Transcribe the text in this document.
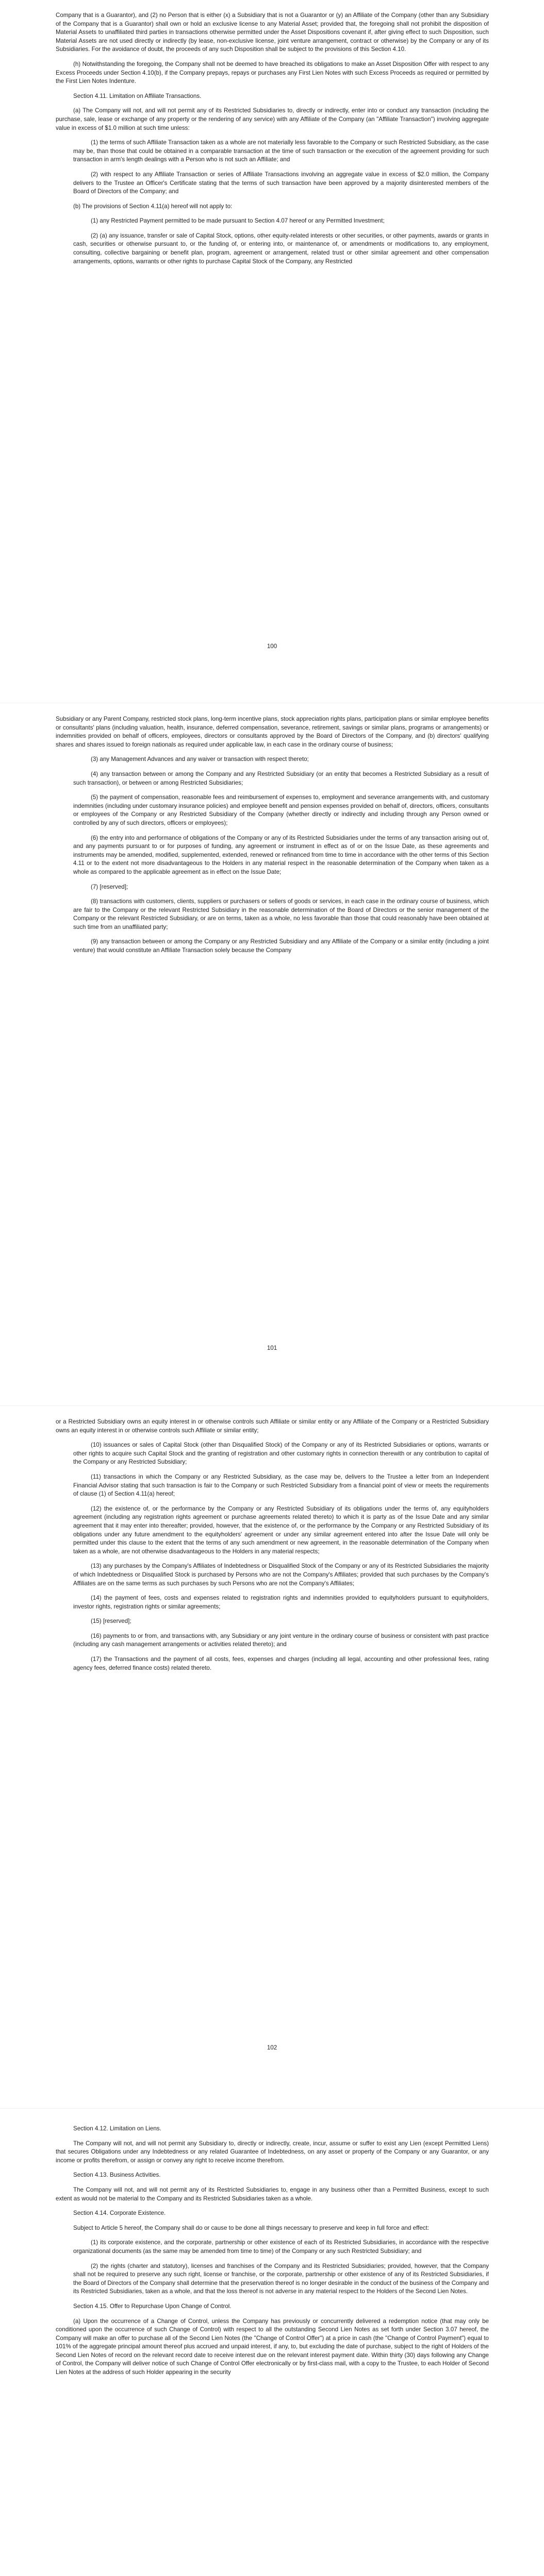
Company that is a Guarantor), and (2) no Person that is either (x) a Subsidiary that is not a Guarantor or (y) an Affiliate of the Company (other than any Subsidiary of the Company that is a Guarantor) shall own or hold an exclusive license to any Material Asset; provided that, the foregoing shall not prohibit the disposition of Material Assets to unaffiliated third parties in transactions otherwise permitted under the Asset Dispositions covenant if, after giving effect to such Disposition, such Material Assets are not used directly or indirectly (by lease, non-exclusive license, joint venture arrangement, contract or otherwise) by the Company or any of its Subsidiaries. For the avoidance of doubt, the proceeds of any such Disposition shall be subject to the provisions of this Section 4.10.

(h) Notwithstanding the foregoing, the Company shall not be deemed to have breached its obligations to make an Asset Disposition Offer with respect to any Excess Proceeds under Section 4.10(b), if the Company prepays, repays or purchases any First Lien Notes with such Excess Proceeds as required or permitted by the First Lien Notes Indenture.

Section 4.11. Limitation on Affiliate Transactions.

(a) The Company will not, and will not permit any of its Restricted Subsidiaries to, directly or indirectly, enter into or conduct any transaction (including the purchase, sale, lease or exchange of any property or the rendering of any service) with any Affiliate of the Company (an "Affiliate Transaction") involving aggregate value in excess of $1.0 million at such time unless:

(1) the terms of such Affiliate Transaction taken as a whole are not materially less favorable to the Company or such Restricted Subsidiary, as the case may be, than those that could be obtained in a comparable transaction at the time of such transaction or the execution of the agreement providing for such transaction in arm's length dealings with a Person who is not such an Affiliate; and

(2) with respect to any Affiliate Transaction or series of Affiliate Transactions involving an aggregate value in excess of $2.0 million, the Company delivers to the Trustee an Officer's Certificate stating that the terms of such transaction have been approved by a majority disinterested members of the Board of Directors of the Company; and

(b) The provisions of Section 4.11(a) hereof will not apply to:

(1) any Restricted Payment permitted to be made pursuant to Section 4.07 hereof or any Permitted Investment;

(2) (a) any issuance, transfer or sale of Capital Stock, options, other equity-related interests or other securities, or other payments, awards or grants in cash, securities or otherwise pursuant to, or the funding of, or entering into, or maintenance of, or amendments or modifications to, any employment, consulting, collective bargaining or benefit plan, program, agreement or arrangement, related trust or other similar agreement and other compensation arrangements, options, warrants or other rights to purchase Capital Stock of the Company, any Restricted

100

Subsidiary or any Parent Company, restricted stock plans, long-term incentive plans, stock appreciation rights plans, participation plans or similar employee benefits or consultants' plans (including valuation, health, insurance, deferred compensation, severance, retirement, savings or similar plans, programs or arrangements) or indemnities provided on behalf of officers, employees, directors or consultants approved by the Board of Directors of the Company, and (b) directors' qualifying shares and shares issued to foreign nationals as required under applicable law, in each case in the ordinary course of business;

(3) any Management Advances and any waiver or transaction with respect thereto;

(4) any transaction between or among the Company and any Restricted Subsidiary (or an entity that becomes a Restricted Subsidiary as a result of such transaction), or between or among Restricted Subsidiaries;

(5) the payment of compensation, reasonable fees and reimbursement of expenses to, employment and severance arrangements with, and customary indemnities (including under customary insurance policies) and employee benefit and pension expenses provided on behalf of, directors, officers, consultants or employees of the Company or any Restricted Subsidiary of the Company (whether directly or indirectly and including through any Person owned or controlled by any of such directors, officers or employees);

(6) the entry into and performance of obligations of the Company or any of its Restricted Subsidiaries under the terms of any transaction arising out of, and any payments pursuant to or for purposes of funding, any agreement or instrument in effect as of or on the Issue Date, as these agreements and instruments may be amended, modified, supplemented, extended, renewed or refinanced from time to time in accordance with the other terms of this Section 4.11 or to the extent not more disadvantageous to the Holders in any material respect in the reasonable determination of the Company when taken as a whole as compared to the applicable agreement as in effect on the Issue Date;

(7) [reserved];

(8) transactions with customers, clients, suppliers or purchasers or sellers of goods or services, in each case in the ordinary course of business, which are fair to the Company or the relevant Restricted Subsidiary in the reasonable determination of the Board of Directors or the senior management of the Company or the relevant Restricted Subsidiary, or are on terms, taken as a whole, no less favorable than those that could reasonably have been obtained at such time from an unaffiliated party;

(9) any transaction between or among the Company or any Restricted Subsidiary and any Affiliate of the Company or a similar entity (including a joint venture) that would constitute an Affiliate Transaction solely because the Company

101

or a Restricted Subsidiary owns an equity interest in or otherwise controls such Affiliate or similar entity or any Affiliate of the Company or a Restricted Subsidiary owns an equity interest in or otherwise controls such Affiliate or similar entity;

(10) issuances or sales of Capital Stock (other than Disqualified Stock) of the Company or any of its Restricted Subsidiaries or options, warrants or other rights to acquire such Capital Stock and the granting of registration and other customary rights in connection therewith or any contribution to capital of the Company or any Restricted Subsidiary;

(11) transactions in which the Company or any Restricted Subsidiary, as the case may be, delivers to the Trustee a letter from an Independent Financial Advisor stating that such transaction is fair to the Company or such Restricted Subsidiary from a financial point of view or meets the requirements of clause (1) of Section 4.11(a) hereof;

(12) the existence of, or the performance by the Company or any Restricted Subsidiary of its obligations under the terms of, any equityholders agreement (including any registration rights agreement or purchase agreements related thereto) to which it is party as of the Issue Date and any similar agreement that it may enter into thereafter; provided, however, that the existence of, or the performance by the Company or any Restricted Subsidiary of its obligations under any future amendment to the equityholders' agreement or under any similar agreement entered into after the Issue Date will only be permitted under this clause to the extent that the terms of any such amendment or new agreement, in the reasonable determination of the Company when taken as a whole, are not otherwise disadvantageous to the Holders in any material respects;

(13) any purchases by the Company's Affiliates of Indebtedness or Disqualified Stock of the Company or any of its Restricted Subsidiaries the majority of which Indebtedness or Disqualified Stock is purchased by Persons who are not the Company's Affiliates; provided that such purchases by the Company's Affiliates are on the same terms as such purchases by such Persons who are not the Company's Affiliates;

(14) the payment of fees, costs and expenses related to registration rights and indemnities provided to equityholders pursuant to equityholders, investor rights, registration rights or similar agreements;

(15) [reserved];

(16) payments to or from, and transactions with, any Subsidiary or any joint venture in the ordinary course of business or consistent with past practice (including any cash management arrangements or activities related thereto); and

(17) the Transactions and the payment of all costs, fees, expenses and charges (including all legal, accounting and other professional fees, rating agency fees, deferred finance costs) related thereto.

102

Section 4.12. Limitation on Liens.

The Company will not, and will not permit any Subsidiary to, directly or indirectly, create, incur, assume or suffer to exist any Lien (except Permitted Liens) that secures Obligations under any Indebtedness or any related Guarantee of Indebtedness, on any asset or property of the Company or any Guarantor, or any income or profits therefrom, or assign or convey any right to receive income therefrom.

Section 4.13. Business Activities.

The Company will not, and will not permit any of its Restricted Subsidiaries to, engage in any business other than a Permitted Business, except to such extent as would not be material to the Company and its Restricted Subsidiaries taken as a whole.

Section 4.14. Corporate Existence.

Subject to Article 5 hereof, the Company shall do or cause to be done all things necessary to preserve and keep in full force and effect:

(1) its corporate existence, and the corporate, partnership or other existence of each of its Restricted Subsidiaries, in accordance with the respective organizational documents (as the same may be amended from time to time) of the Company or any such Restricted Subsidiary; and

(2) the rights (charter and statutory), licenses and franchises of the Company and its Restricted Subsidiaries; provided, however, that the Company shall not be required to preserve any such right, license or franchise, or the corporate, partnership or other existence of any of its Restricted Subsidiaries, if the Board of Directors of the Company shall determine that the preservation thereof is no longer desirable in the conduct of the business of the Company and its Restricted Subsidiaries, taken as a whole, and that the loss thereof is not adverse in any material respect to the Holders of the Second Lien Notes.

Section 4.15. Offer to Repurchase Upon Change of Control.

(a) Upon the occurrence of a Change of Control, unless the Company has previously or concurrently delivered a redemption notice (that may only be conditioned upon the occurrence of such Change of Control) with respect to all the outstanding Second Lien Notes as set forth under Section 3.07 hereof, the Company will make an offer to purchase all of the Second Lien Notes (the "Change of Control Offer") at a price in cash (the "Change of Control Payment") equal to 101% of the aggregate principal amount thereof plus accrued and unpaid interest, if any, to, but excluding the date of purchase, subject to the right of Holders of the Second Lien Notes of record on the relevant record date to receive interest due on the relevant interest payment date. Within thirty (30) days following any Change of Control, the Company will deliver notice of such Change of Control Offer electronically or by first-class mail, with a copy to the Trustee, to each Holder of Second Lien Notes at the address of such Holder appearing in the security
